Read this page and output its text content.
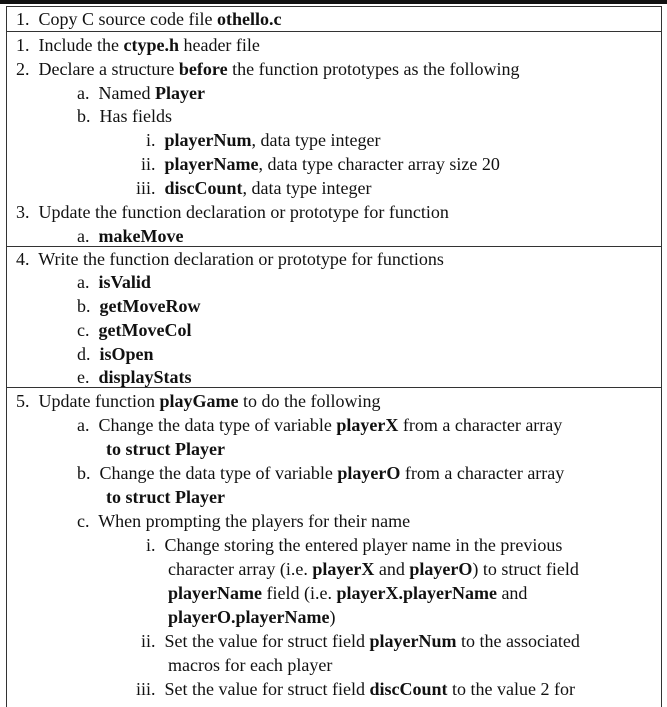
1. Copy C source code file othello.c
1. Include the ctype.h header file
2. Declare a structure before the function prototypes as the following
a. Named Player
b. Has fields
i. playerNum, data type integer
ii. playerName, data type character array size 20
iii. discCount, data type integer
3. Update the function declaration or prototype for function
a. makeMove
4. Write the function declaration or prototype for functions
a. isValid
b. getMoveRow
c. getMoveCol
d. isOpen
e. displayStats
5. Update function playGame to do the following
a. Change the data type of variable playerX from a character array
to struct Player
b. Change the data type of variable playerO from a character array
to struct Player
c. When prompting the players for their name
i. Change storing the entered player name in the previous
character array (i.e. playerX and playerO) to struct field
playerName field (i.e. playerX.playerName and
playerO.playerName)
ii. Set the value for struct field playerNum to the associated
macros for each player
iii. Set the value for struct field discCount to the value 2 for
